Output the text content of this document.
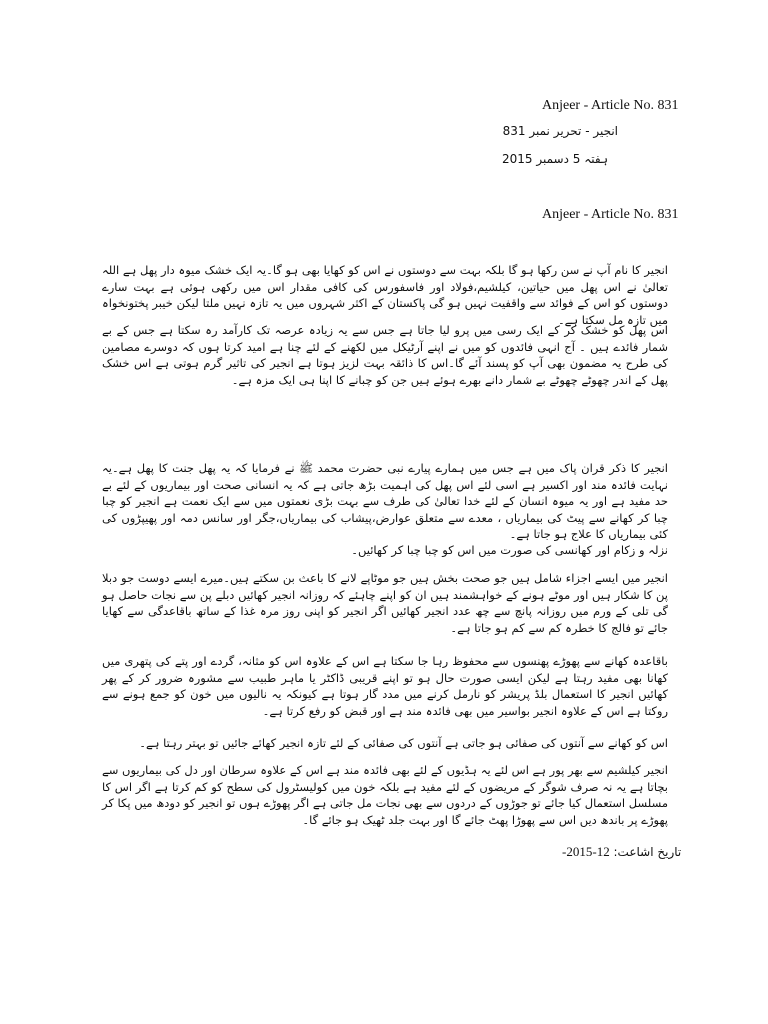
Anjeer - Article No. 831
انجیر - تحریر نمبر 831
ہفتہ 5 دسمبر 2015
Anjeer - Article No. 831
انجیر کا نام آپ نے سن رکھا ہو گا بلکہ بہت سے دوستوں نے اس کو کھایا بھی ہو گا۔یہ ایک خشک میوہ دار پھل ہے اللہ تعالیٰ نے اس پھل میں حیاتین، کیلشیم،فولاد اور فاسفورس کی کافی مقدار اس میں رکھی ہوئی ہے بہت سارے دوستوں کو اس کے فوائد سے واقفیت نہیں ہو گی پاکستان کے اکثر شہروں میں یہ تازہ نہیں ملتا لیکن خیبر پختونخواہ میں تازہ مل سکتا ہے۔
اس پھل کو خشک کر کے ایک رسی میں پرو لیا جاتا ہے جس سے یہ زیادہ عرصہ تک کارآمد رہ سکتا ہے جس کے بے شمار فائدے ہیں ۔ آج انہی فائدوں کو میں نے اپنے آرٹیکل میں لکھنے کے لئے چنا ہے امید کرتا ہوں کہ دوسرے مصامین کی طرح یہ مضمون بھی آپ کو پسند آئے گا۔اس کا ذائقہ بہت لزیز ہوتا ہے انجیر کی تاثیر گرم ہوتی ہے اس خشک پھل کے اندر چھوٹے چھوٹے بے شمار دانے بھرے ہوئے ہیں جن کو چبانے کا اپنا ہی ایک مزہ ہے۔
انجیر کا ذکر قران پاک میں ہے جس میں ہمارے پیارے نبی حضرت محمد ﷺ نے فرمایا کہ یہ پھل جنت کا پھل ہے۔یہ نہایت فائدہ مند اور اکسیر ہے اسی لئے اس پھل کی اہمیت بڑھ جاتی ہے کہ یہ انسانی صحت اور بیماریوں کے لئے بے حد مفید ہے اور یہ میوہ انسان کے لئے خدا تعالیٰ کی طرف سے بہت بڑی نعمتوں میں سے ایک نعمت ہے انجیر کو چبا چبا کر کھانے سے پیٹ کی بیماریاں ، معدے سے متعلق عوارض،پیشاب کی بیماریاں،جگر اور سانس دمہ اور پھیپڑوں کی کئی بیماریاں کا علاج ہو جاتا ہے۔
نزلہ و زکام اور کھانسی کی صورت میں اس کو چبا چبا کر کھائیں۔
انجیر میں ایسے اجزاء شامل ہیں جو صحت بخش ہیں جو موٹاپے لانے کا باعث بن سکتے ہیں۔میرے ایسے دوست جو دبلا پن کا شکار ہیں اور موٹے ہونے کے خواہشمند ہیں ان کو اپنے چاہئے کہ روزانہ انجیر کھائیں دبلے پن سے نجات حاصل ہو گی تلی کے ورم میں روزانہ پانچ سے چھ عدد انجیر کھائیں اگر انجیر کو اپنی روز مرہ غذا کے ساتھ باقاعدگی سے کھایا جائے تو فالج کا خطرہ کم سے کم ہو جاتا ہے۔
باقاعدہ کھانے سے پھوڑے پھنسوں سے محفوظ رہا جا سکتا ہے اس کے علاوہ اس کو مثانہ، گردے اور پتے کی پتھری میں کھانا بھی مفید رہتا ہے لیکن ایسی صورت حال ہو تو اپنے قریبی ڈاکٹر یا ماہر طبیب سے مشورہ ضرور کر کے پھر کھائیں انجیر کا استعمال بلڈ پریشر کو نارمل کرنے میں مدد گار ہوتا ہے کیونکہ یہ نالیوں میں خون کو جمع ہونے سے روکتا ہے اس کے علاوہ انجیر بواسیر میں بھی فائدہ مند ہے اور قبض کو رفع کرتا ہے۔
اس کو کھانے سے آنتوں کی صفائی ہو جاتی ہے آنتوں کی صفائی کے لئے تازہ انجیر کھائے جائیں تو بہتر رہتا ہے۔
انجیر کیلشیم سے بھر پور ہے اس لئے یہ ہڈیوں کے لئے بھی فائدہ مند ہے اس کے علاوہ سرطان اور دل کی بیماریوں سے بچاتا ہے یہ نہ صرف شوگر کے مریضوں کے لئے مفید ہے بلکہ خون میں کولیسٹرول کی سطح کو کم کرتا ہے اگر اس کا مسلسل استعمال کیا جائے تو جوڑوں کے دردوں سے بھی نجات مل جاتی ہے اگر پھوڑے ہوں تو انجیر کو دودھ میں پکا کر پھوڑے پر باندھ دیں اس سے پھوڑا پھٹ جائے گا اور بہت جلد ٹھیک ہو جائے گا۔
تاریخ اشاعت: 12-2015-
